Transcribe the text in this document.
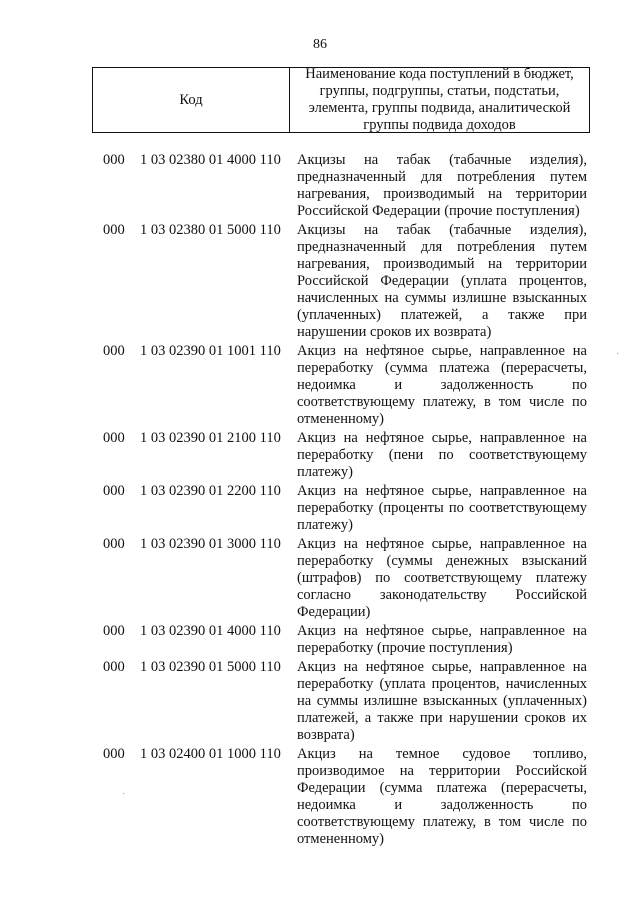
86
Код
Наименование кода поступлений в бюджет, группы, подгруппы, статьи, подстатьи, элемента, группы подвида, аналитической группы подвида доходов
000 1 03 02380 01 4000 110 Акцизы на табак (табачные изделия), предназначенный для потребления путем нагревания, производимый на территории Российской Федерации (прочие поступления)
000 1 03 02380 01 5000 110 Акцизы на табак (табачные изделия), предназначенный для потребления путем нагревания, производимый на территории Российской Федерации (уплата процентов, начисленных на суммы излишне взысканных (уплаченных) платежей, а также при нарушении сроков их возврата)
000 1 03 02390 01 1001 110 Акциз на нефтяное сырье, направленное на переработку (сумма платежа (перерасчеты, недоимка и задолженность по соответствующему платежу, в том числе по отмененному)
000 1 03 02390 01 2100 110 Акциз на нефтяное сырье, направленное на переработку (пени по соответствующему платежу)
000 1 03 02390 01 2200 110 Акциз на нефтяное сырье, направленное на переработку (проценты по соответствующему платежу)
000 1 03 02390 01 3000 110 Акциз на нефтяное сырье, направленное на переработку (суммы денежных взысканий (штрафов) по соответствующему платежу согласно законодательству Российской Федерации)
000 1 03 02390 01 4000 110 Акциз на нефтяное сырье, направленное на переработку (прочие поступления)
000 1 03 02390 01 5000 110 Акциз на нефтяное сырье, направленное на переработку (уплата процентов, начисленных на суммы излишне взысканных (уплаченных) платежей, а также при нарушении сроков их возврата)
000 1 03 02400 01 1000 110 Акциз на темное судовое топливо, производимое на территории Российской Федерации (сумма платежа (перерасчеты, недоимка и задолженность по соответствующему платежу, в том числе по отмененному)
·
·
